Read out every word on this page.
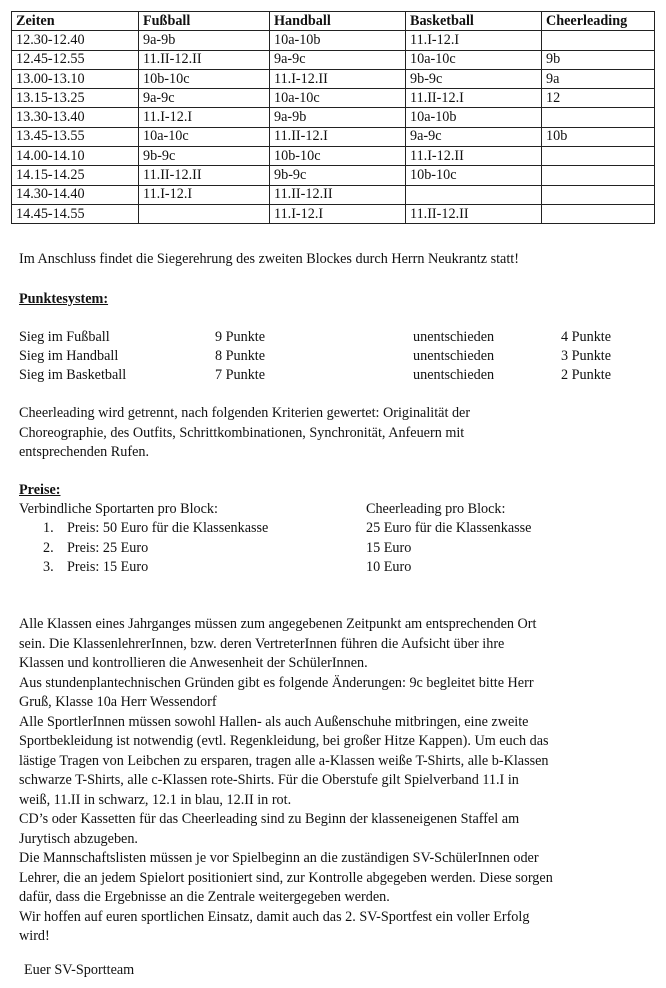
Zeiten	Fußball	Handball	Basketball	Cheerleading
12.30-12.40	9a-9b	10a-10b	11.I-12.I	
12.45-12.55	11.II-12.II	9a-9c	10a-10c	9b
13.00-13.10	10b-10c	11.I-12.II	9b-9c	9a
13.15-13.25	9a-9c	10a-10c	11.II-12.I	12
13.30-13.40	11.I-12.I	9a-9b	10a-10b	
13.45-13.55	10a-10c	11.II-12.I	9a-9c	10b
14.00-14.10	9b-9c	10b-10c	11.I-12.II	
14.15-14.25	11.II-12.II	9b-9c	10b-10c	
14.30-14.40	11.I-12.I	11.II-12.II		
14.45-14.55		11.I-12.I	11.II-12.II	
Im Anschluss findet die Siegerehrung des zweiten Blockes durch Herrn Neukrantz statt!
Punktesystem:
Sieg im Fußball	9 Punkte	unentschieden	4 Punkte
Sieg im Handball	8 Punkte	unentschieden	3 Punkte
Sieg im Basketball	7 Punkte	unentschieden	2 Punkte
Cheerleading wird getrennt, nach folgenden Kriterien gewertet: Originalität der
Choreographie, des Outfits, Schrittkombinationen, Synchronität, Anfeuern mit
entsprechenden Rufen.
Preise:
Verbindliche Sportarten pro Block:	Cheerleading pro Block:
1. Preis: 50 Euro für die Klassenkasse	25 Euro für die Klassenkasse
2. Preis: 25 Euro	15 Euro
3. Preis: 15 Euro	10 Euro
Alle Klassen eines Jahrganges müssen zum angegebenen Zeitpunkt am entsprechenden Ort
sein. Die KlassenlehrerInnen, bzw. deren VertreterInnen führen die Aufsicht über ihre
Klassen und kontrollieren die Anwesenheit der SchülerInnen.
Aus stundenplantechnischen Gründen gibt es folgende Änderungen: 9c begleitet bitte Herr
Gruß, Klasse 10a Herr Wessendorf
Alle SportlerInnen müssen sowohl Hallen- als auch Außenschuhe mitbringen, eine zweite
Sportbekleidung ist notwendig (evtl. Regenkleidung, bei großer Hitze Kappen). Um euch das
lästige Tragen von Leibchen zu ersparen, tragen alle a-Klassen weiße T-Shirts, alle b-Klassen
schwarze T-Shirts, alle c-Klassen rote-Shirts. Für die Oberstufe gilt Spielverband 11.I in
weiß, 11.II in schwarz, 12.1 in blau, 12.II in rot.
CD’s oder Kassetten für das Cheerleading sind zu Beginn der klasseneigenen Staffel am
Jurytisch abzugeben.
Die Mannschaftslisten müssen je vor Spielbeginn an die zuständigen SV-SchülerInnen oder
Lehrer, die an jedem Spielort positioniert sind, zur Kontrolle abgegeben werden. Diese sorgen
dafür, dass die Ergebnisse an die Zentrale weitergegeben werden.
Wir hoffen auf euren sportlichen Einsatz, damit auch das 2. SV-Sportfest ein voller Erfolg
wird!
Euer SV-Sportteam
